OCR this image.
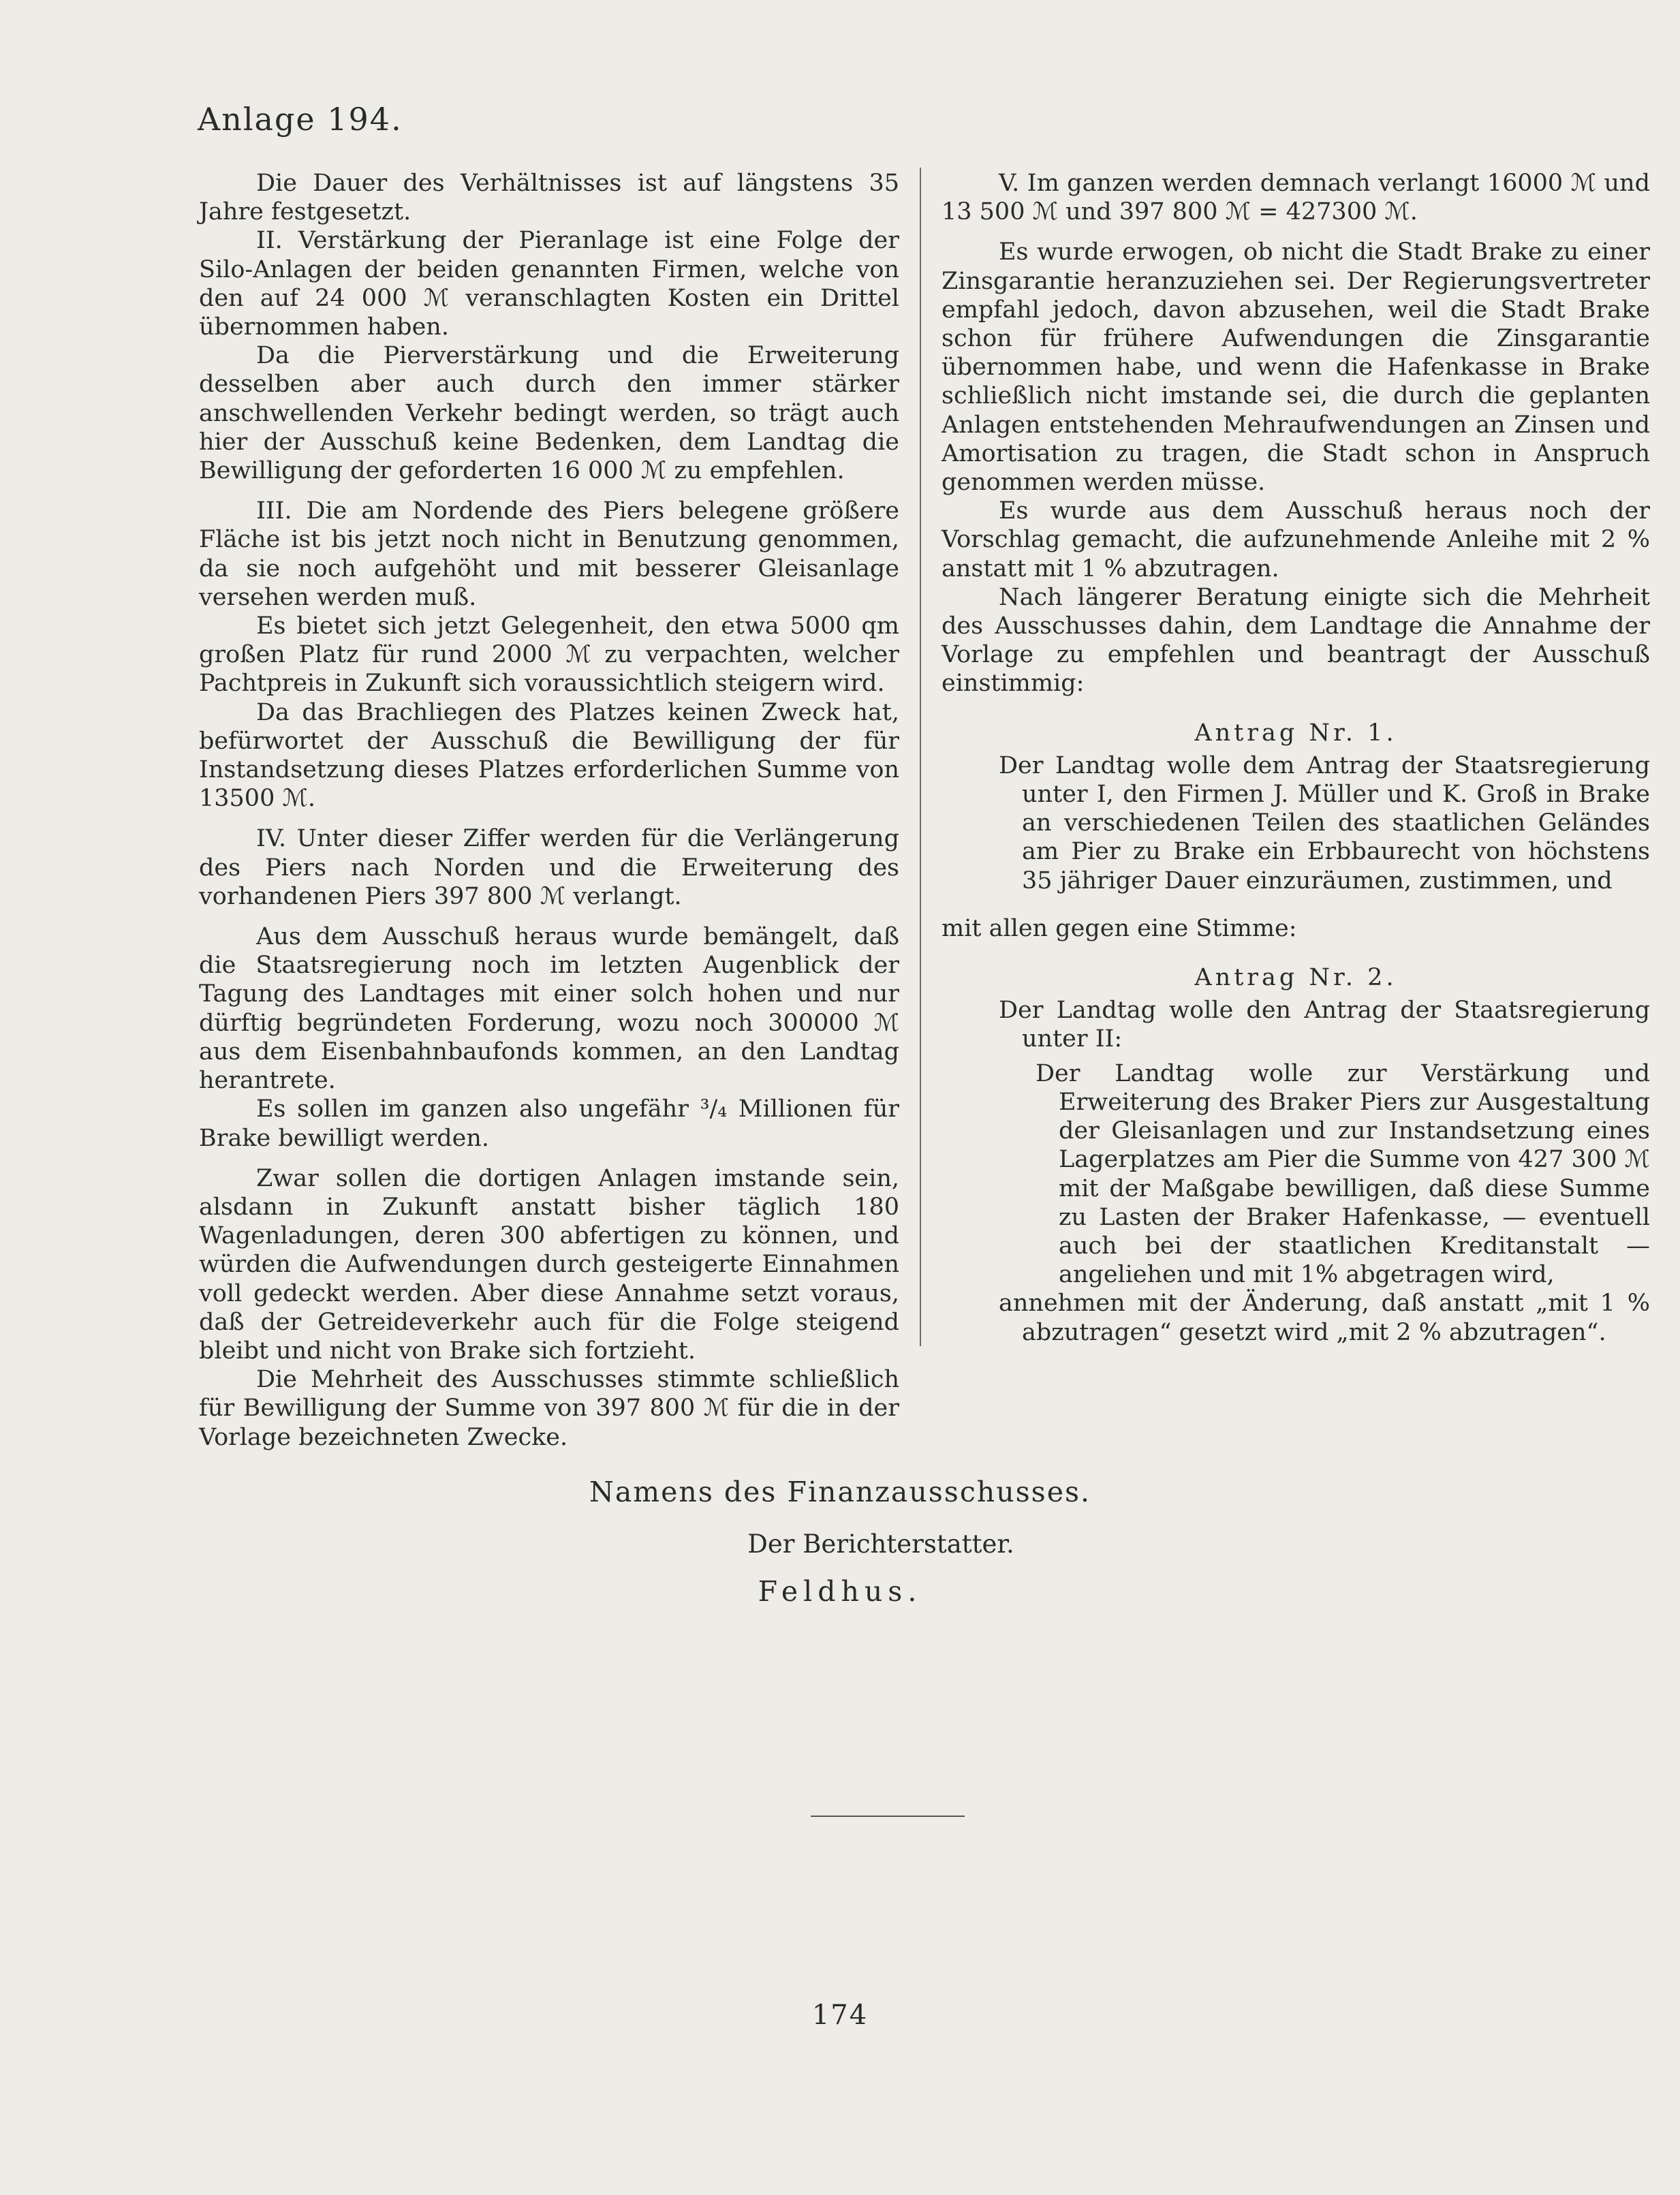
Anlage 194.

Die Dauer des Verhältnisses ist auf längstens 35 Jahre festgesetzt.

II. Verstärkung der Pieranlage ist eine Folge der Silo-Anlagen der beiden genannten Firmen, welche von den auf 24 000 ℳ veranschlagten Kosten ein Drittel übernommen haben.

Da die Pierverstärkung und die Erweiterung desselben aber auch durch den immer stärker anschwellenden Verkehr bedingt werden, so trägt auch hier der Ausschuß keine Bedenken, dem Landtag die Bewilligung der geforderten 16 000 ℳ zu empfehlen.

III. Die am Nordende des Piers belegene größere Fläche ist bis jetzt noch nicht in Benutzung genommen, da sie noch aufgehöht und mit besserer Gleisanlage versehen werden muß.

Es bietet sich jetzt Gelegenheit, den etwa 5000 qm großen Platz für rund 2000 ℳ zu verpachten, welcher Pachtpreis in Zukunft sich voraussichtlich steigern wird.

Da das Brachliegen des Platzes keinen Zweck hat, befürwortet der Ausschuß die Bewilligung der für Instandsetzung dieses Platzes erforderlichen Summe von 13500 ℳ.

IV. Unter dieser Ziffer werden für die Verlängerung des Piers nach Norden und die Erweiterung des vorhandenen Piers 397 800 ℳ verlangt.

Aus dem Ausschuß heraus wurde bemängelt, daß die Staatsregierung noch im letzten Augenblick der Tagung des Landtages mit einer solch hohen und nur dürftig begründeten Forderung, wozu noch 300000 ℳ aus dem Eisenbahnbaufonds kommen, an den Landtag herantrete.

Es sollen im ganzen also ungefähr ³/₄ Millionen für Brake bewilligt werden.

Zwar sollen die dortigen Anlagen imstande sein, alsdann in Zukunft anstatt bisher täglich 180 Wagenladungen, deren 300 abfertigen zu können, und würden die Aufwendungen durch gesteigerte Einnahmen voll gedeckt werden. Aber diese Annahme setzt voraus, daß der Getreideverkehr auch für die Folge steigend bleibt und nicht von Brake sich fortzieht.

Die Mehrheit des Ausschusses stimmte schließlich für Bewilligung der Summe von 397 800 ℳ für die in der Vorlage bezeichneten Zwecke.

V. Im ganzen werden demnach verlangt 16000 ℳ und 13 500 ℳ und 397 800 ℳ = 427300 ℳ.

Es wurde erwogen, ob nicht die Stadt Brake zu einer Zinsgarantie heranzuziehen sei. Der Regierungsvertreter empfahl jedoch, davon abzusehen, weil die Stadt Brake schon für frühere Aufwendungen die Zinsgarantie übernommen habe, und wenn die Hafenkasse in Brake schließlich nicht imstande sei, die durch die geplanten Anlagen entstehenden Mehraufwendungen an Zinsen und Amortisation zu tragen, die Stadt schon in Anspruch genommen werden müsse.

Es wurde aus dem Ausschuß heraus noch der Vorschlag gemacht, die aufzunehmende Anleihe mit 2 % anstatt mit 1 % abzutragen.

Nach längerer Beratung einigte sich die Mehrheit des Ausschusses dahin, dem Landtage die Annahme der Vorlage zu empfehlen und beantragt der Ausschuß einstimmig:

Antrag Nr. 1.

Der Landtag wolle dem Antrag der Staatsregierung unter I, den Firmen J. Müller und K. Groß in Brake an verschiedenen Teilen des staatlichen Geländes am Pier zu Brake ein Erbbaurecht von höchstens 35 jähriger Dauer einzuräumen, zustimmen, und

mit allen gegen eine Stimme:

Antrag Nr. 2.

Der Landtag wolle den Antrag der Staatsregierung unter II:

Der Landtag wolle zur Verstärkung und Erweiterung des Braker Piers zur Ausgestaltung der Gleisanlagen und zur Instandsetzung eines Lagerplatzes am Pier die Summe von 427 300 ℳ mit der Maßgabe bewilligen, daß diese Summe zu Lasten der Braker Hafenkasse, — eventuell auch bei der staatlichen Kreditanstalt — angeliehen und mit 1% abgetragen wird,

annehmen mit der Änderung, daß anstatt „mit 1 % abzutragen“ gesetzt wird „mit 2 % abzutragen“.

Namens des Finanzausschusses.
Der Berichterstatter.
Feldhus.
174
